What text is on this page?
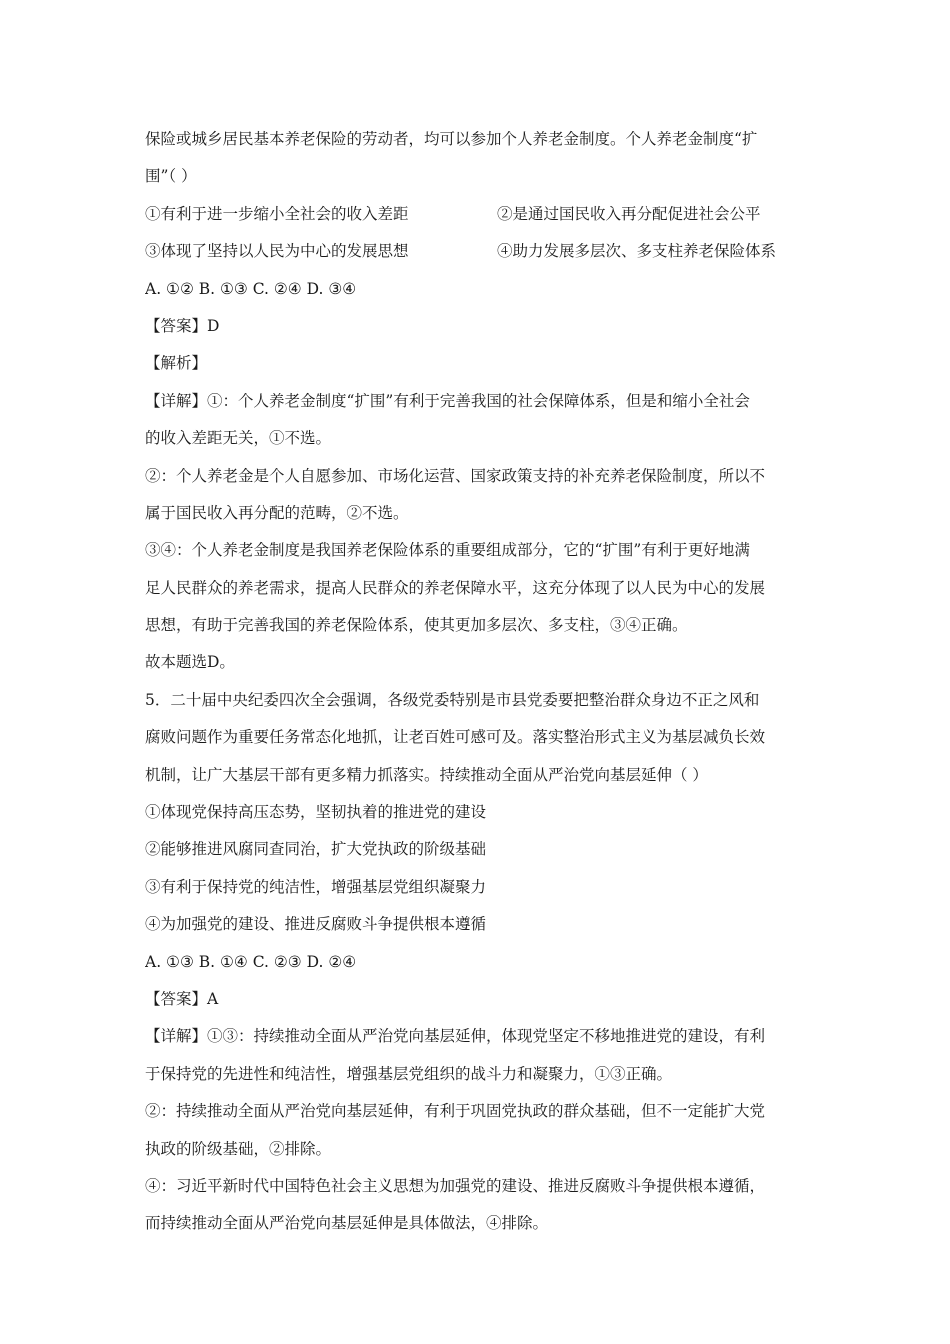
保险或城乡居民基本养老保险的劳动者，均可以参加个人养老金制度。个人养老金制度“扩
围”（ ）
①有利于进一步缩小全社会的收入差距	②是通过国民收入再分配促进社会公平
③体现了坚持以人民为中心的发展思想	④助力发展多层次、多支柱养老保险体系
A. ①② B. ①③ C. ②④ D. ③④
【答案】D
【解析】
【详解】①：个人养老金制度“扩围”有利于完善我国的社会保障体系，但是和缩小全社会
的收入差距无关，①不选。
②：个人养老金是个人自愿参加、市场化运营、国家政策支持的补充养老保险制度，所以不
属于国民收入再分配的范畴，②不选。
③④：个人养老金制度是我国养老保险体系的重要组成部分，它的“扩围”有利于更好地满
足人民群众的养老需求，提高人民群众的养老保障水平，这充分体现了以人民为中心的发展
思想，有助于完善我国的养老保险体系，使其更加多层次、多支柱，③④正确。
故本题选D。
5．二十届中央纪委四次全会强调，各级党委特别是市县党委要把整治群众身边不正之风和
腐败问题作为重要任务常态化地抓，让老百姓可感可及。落实整治形式主义为基层减负长效
机制，让广大基层干部有更多精力抓落实。持续推动全面从严治党向基层延伸（ ）
①体现党保持高压态势，坚韧执着的推进党的建设
②能够推进风腐同查同治，扩大党执政的阶级基础
③有利于保持党的纯洁性，增强基层党组织凝聚力
④为加强党的建设、推进反腐败斗争提供根本遵循
A. ①③ B. ①④ C. ②③ D. ②④
【答案】A
【详解】①③：持续推动全面从严治党向基层延伸，体现党坚定不移地推进党的建设，有利
于保持党的先进性和纯洁性，增强基层党组织的战斗力和凝聚力，①③正确。
②：持续推动全面从严治党向基层延伸，有利于巩固党执政的群众基础，但不一定能扩大党
执政的阶级基础，②排除。
④：习近平新时代中国特色社会主义思想为加强党的建设、推进反腐败斗争提供根本遵循，
而持续推动全面从严治党向基层延伸是具体做法，④排除。
